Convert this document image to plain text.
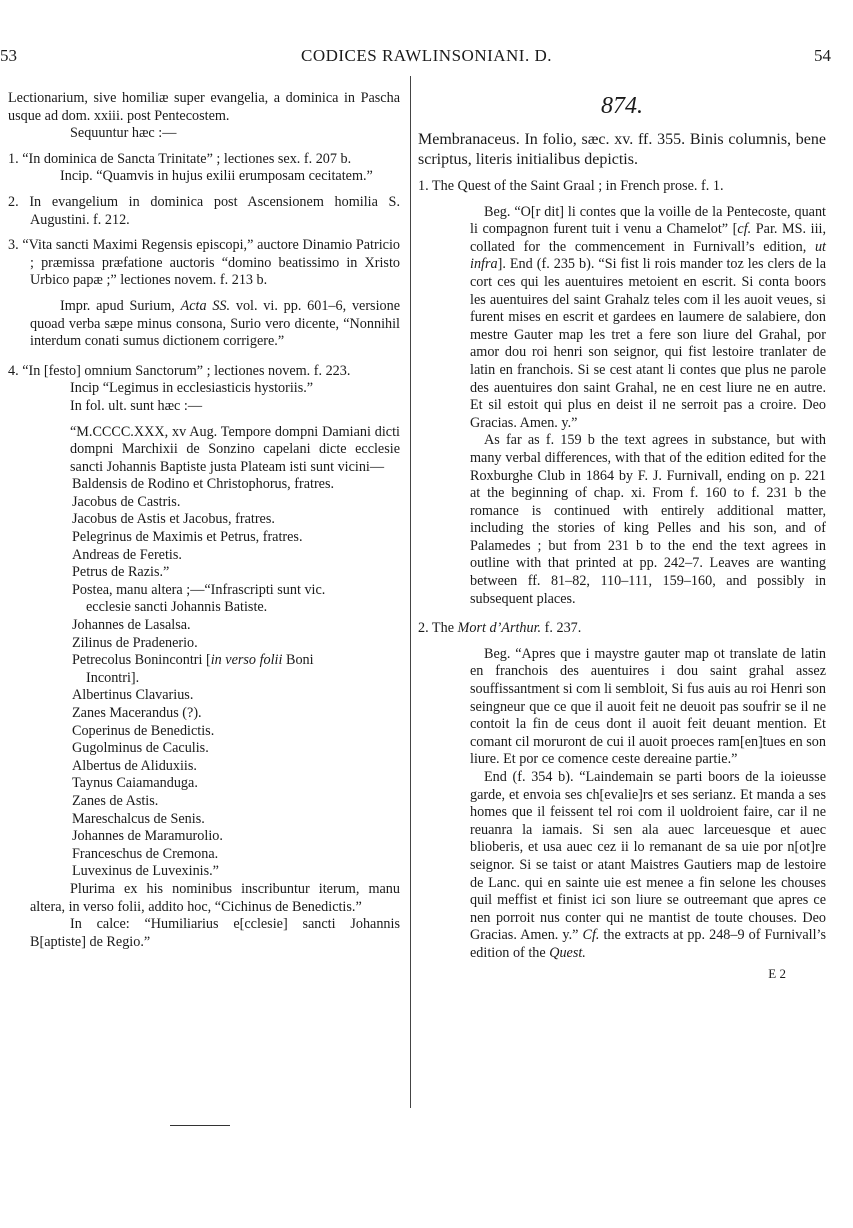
53	CODICES RAWLINSONIANI. D.	54

Lectionarium, sive homiliæ super evangelia, a dominica in Pascha usque ad dom. xxiii. post Pentecostem.

Sequuntur hæc :—

1. “In dominica de Sancta Trinitate” ; lectiones sex. f. 207 b.

Incip. “Quamvis in hujus exilii erumposam cecitatem.”

2. In evangelium in dominica post Ascensionem homilia S. Augustini. f. 212.

3. “Vita sancti Maximi Regensis episcopi,” auctore Dinamio Patricio ; præmissa præfatione auctoris “domino beatissimo in Xristo Urbico papæ ;” lectiones novem. f. 213 b.

Impr. apud Surium, Acta SS. vol. vi. pp. 601–6, versione quoad verba sæpe minus consona, Surio vero dicente, “Nonnihil interdum conati sumus dictionem corrigere.”

4. “In [festo] omnium Sanctorum” ; lectiones novem. f. 223.

Incip “Legimus in ecclesiasticis hystoriis.”

In fol. ult. sunt hæc :—

“M.CCCC.XXX, xv Aug. Tempore dompni Damiani dicti dompni Marchixii de Sonzino capelani dicte ecclesie sancti Johannis Baptiste justa Plateam isti sunt vicini—

Baldensis de Rodino et Christophorus, fratres.

Jacobus de Castris.

Jacobus de Astis et Jacobus, fratres.

Pelegrinus de Maximis et Petrus, fratres.

Andreas de Feretis.

Petrus de Razis.”

Postea, manu altera ;—“Infrascripti sunt vic.

ecclesie sancti Johannis Batiste.

Johannes de Lasalsa.

Zilinus de Pradenerio.

Petrecolus Bonincontri [in verso folii Boni

Incontri].

Albertinus Clavarius.

Zanes Macerandus (?).

Coperinus de Benedictis.

Gugolminus de Caculis.

Albertus de Aliduxiis.

Taynus Caiamanduga.

Zanes de Astis.

Mareschalcus de Senis.

Johannes de Maramurolio.

Franceschus de Cremona.

Luvexinus de Luvexinis.”

Plurima ex his nominibus inscribuntur iterum, manu altera, in verso folii, addito hoc, “Cichinus de Benedictis.”

In calce: “Humiliarius e[cclesie] sancti Johannis B[aptiste] de Regio.”

874.

Membranaceus. In folio, sæc. xv. ff. 355. Binis columnis, bene scriptus, literis initialibus depictis.

1. The Quest of the Saint Graal ; in French prose. f. 1.

Beg. “O[r dit] li contes que la voille de la Pentecoste, quant li compagnon furent tuit i venu a Chamelot” [cf. Par. MS. iii, collated for the commencement in Furnivall’s edition, ut infra]. End (f. 235 b). “Si fist li rois mander toz les clers de la cort ces qui les auentuires metoient en escrit. Si conta boors les auentuires del saint Grahalz teles com il les auoit veues, si furent mises en escrit et gardees en laumere de salabiere, don mestre Gauter map les tret a fere son liure del Grahal, por amor dou roi henri son seignor, qui fist lestoire tranlater de latin en franchois. Si se cest atant li contes que plus ne parole des auentuires don saint Grahal, ne en cest liure ne en autre. Et sil estoit qui plus en deist il ne serroit pas a croire. Deo Gracias. Amen. y.”

As far as f. 159 b the text agrees in substance, but with many verbal differences, with that of the edition edited for the Roxburghe Club in 1864 by F. J. Furnivall, ending on p. 221 at the beginning of chap. xi. From f. 160 to f. 231 b the romance is continued with entirely additional matter, including the stories of king Pelles and his son, and of Palamedes ; but from 231 b to the end the text agrees in outline with that printed at pp. 242–7. Leaves are wanting between ff. 81–82, 110–111, 159–160, and possibly in subsequent places.

2. The Mort d’Arthur. f. 237.

Beg. “Apres que i maystre gauter map ot translate de latin en franchois des auentuires i dou saint grahal assez souffissantment si com li sembloit, Si fus auis au roi Henri son seingneur que ce que il auoit feit ne deuoit pas soufrir se il ne contoit la fin de ceus dont il auoit feit deuant mention. Et comant cil moruront de cui il auoit proeces ram[en]tues en son liure. Et por ce comence ceste dereaine partie.”

End (f. 354 b). “Laindemain se parti boors de la ioieusse garde, et envoia ses ch[evalie]rs et ses serianz. Et manda a ses homes que il feissent tel roi com il uoldroient faire, car il ne reuanra la iamais. Si sen ala auec larceuesque et auec blioberis, et usa auec cez ii lo remanant de sa uie por n[ot]re seignor. Si se taist or atant Maistres Gautiers map de lestoire de Lanc. qui en sainte uie est menee a fin selone les chouses quil meffist et finist ici son liure se outreemant que apres ce nen porroit nus conter qui ne mantist de toute chouses. Deo Gracias. Amen. y.” Cf. the extracts at pp. 248–9 of Furnivall’s edition of the Quest.

E 2
